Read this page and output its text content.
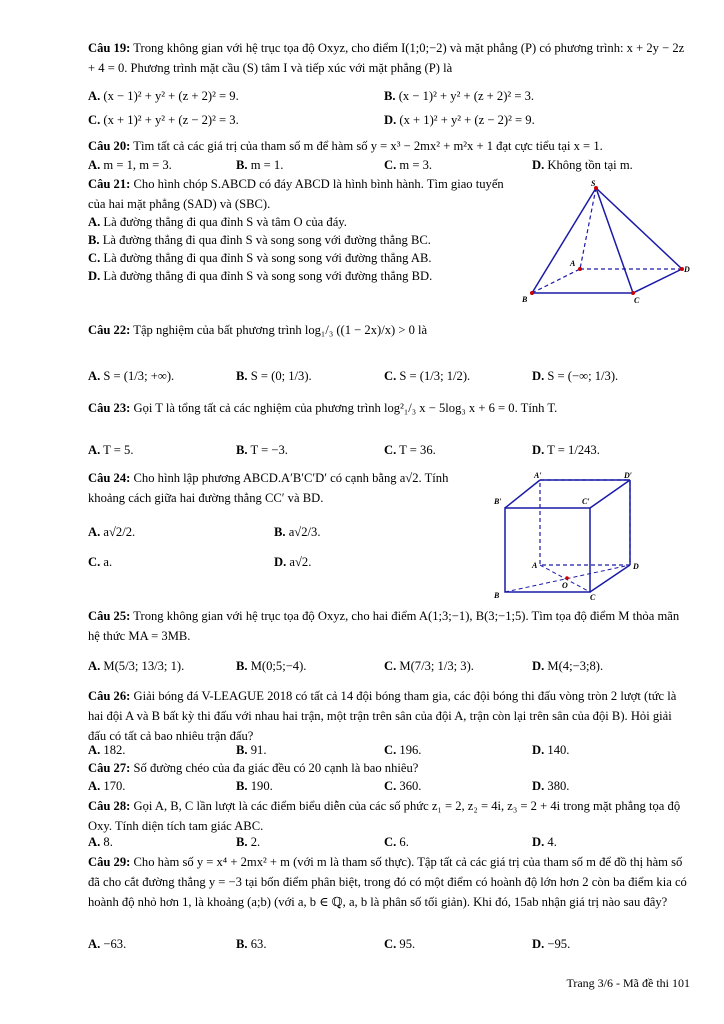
Câu 19: Trong không gian với hệ trục tọa độ Oxyz, cho điểm I(1;0;−2) và mặt phẳng (P) có phương trình: x + 2y − 2z + 4 = 0. Phương trình mặt cầu (S) tâm I và tiếp xúc với mặt phẳng (P) là
A. (x − 1)² + y² + (z + 2)² = 9.	B. (x − 1)² + y² + (z + 2)² = 3.
C. (x + 1)² + y² + (z − 2)² = 3.	D. (x + 1)² + y² + (z − 2)² = 9.
Câu 20: Tìm tất cả các giá trị của tham số m để hàm số y = x³ − 2mx² + m²x + 1 đạt cực tiểu tại x = 1.
A. m = 1, m = 3.	B. m = 1.	C. m = 3.	D. Không tồn tại m.
Câu 21: Cho hình chóp S.ABCD có đáy ABCD là hình bình hành. Tìm giao tuyến của hai mặt phẳng (SAD) và (SBC).
A. Là đường thẳng đi qua đỉnh S và tâm O của đáy.
B. Là đường thẳng đi qua đỉnh S và song song với đường thẳng BC.
C. Là đường thẳng đi qua đỉnh S và song song với đường thẳng AB.
D. Là đường thẳng đi qua đỉnh S và song song với đường thẳng BD.
S
A
B	C
D
Câu 22: Tập nghiệm của bất phương trình log₁/₃ ((1 − 2x)/x) > 0 là
A. S = (1/3; +∞).	B. S = (0; 1/3).	C. S = (1/3; 1/2).	D. S = (−∞; 1/3).
Câu 23: Gọi T là tổng tất cả các nghiệm của phương trình log²₁/₃ x − 5log₃ x + 6 = 0. Tính T.
A. T = 5.	B. T = −3.	C. T = 36.	D. T = 1/243.
Câu 24: Cho hình lập phương ABCD.A′B′C′D′ có cạnh bằng a√2. Tính khoảng cách giữa hai đường thẳng CC′ và BD.
A. a√2/2.	B. a√2/3.
C. a.	D. a√2.
A′	D′
B′	C′
A	D
O
B	C
Câu 25: Trong không gian với hệ trục tọa độ Oxyz, cho hai điểm A(1;3;−1), B(3;−1;5). Tìm tọa độ điểm M thỏa mãn hệ thức MA = 3MB.
A. M(5/3; 13/3; 1).	B. M(0;5;−4).	C. M(7/3; 1/3; 3).	D. M(4;−3;8).
Câu 26: Giải bóng đá V-LEAGUE 2018 có tất cả 14 đội bóng tham gia, các đội bóng thi đấu vòng tròn 2 lượt (tức là hai đội A và B bất kỳ thi đấu với nhau hai trận, một trận trên sân của đội A, trận còn lại trên sân của đội B). Hỏi giải đấu có tất cả bao nhiêu trận đấu?
A. 182.	B. 91.	C. 196.	D. 140.
Câu 27: Số đường chéo của đa giác đều có 20 cạnh là bao nhiêu?
A. 170.	B. 190.	C. 360.	D. 380.
Câu 28: Gọi A, B, C lần lượt là các điểm biểu diễn của các số phức z₁ = 2, z₂ = 4i, z₃ = 2 + 4i trong mặt phẳng tọa độ Oxy. Tính diện tích tam giác ABC.
A. 8.	B. 2.	C. 6.	D. 4.
Câu 29: Cho hàm số y = x⁴ + 2mx² + m (với m là tham số thực). Tập tất cả các giá trị của tham số m để đồ thị hàm số đã cho cắt đường thẳng y = −3 tại bốn điểm phân biệt, trong đó có một điểm có hoành độ lớn hơn 2 còn ba điểm kia có hoành độ nhỏ hơn 1, là khoảng (a;b) (với a, b ∈ ℚ, a, b là phân số tối giản). Khi đó, 15ab nhận giá trị nào sau đây?
A. −63.	B. 63.	C. 95.	D. −95.
Trang 3/6 - Mã đề thi 101
